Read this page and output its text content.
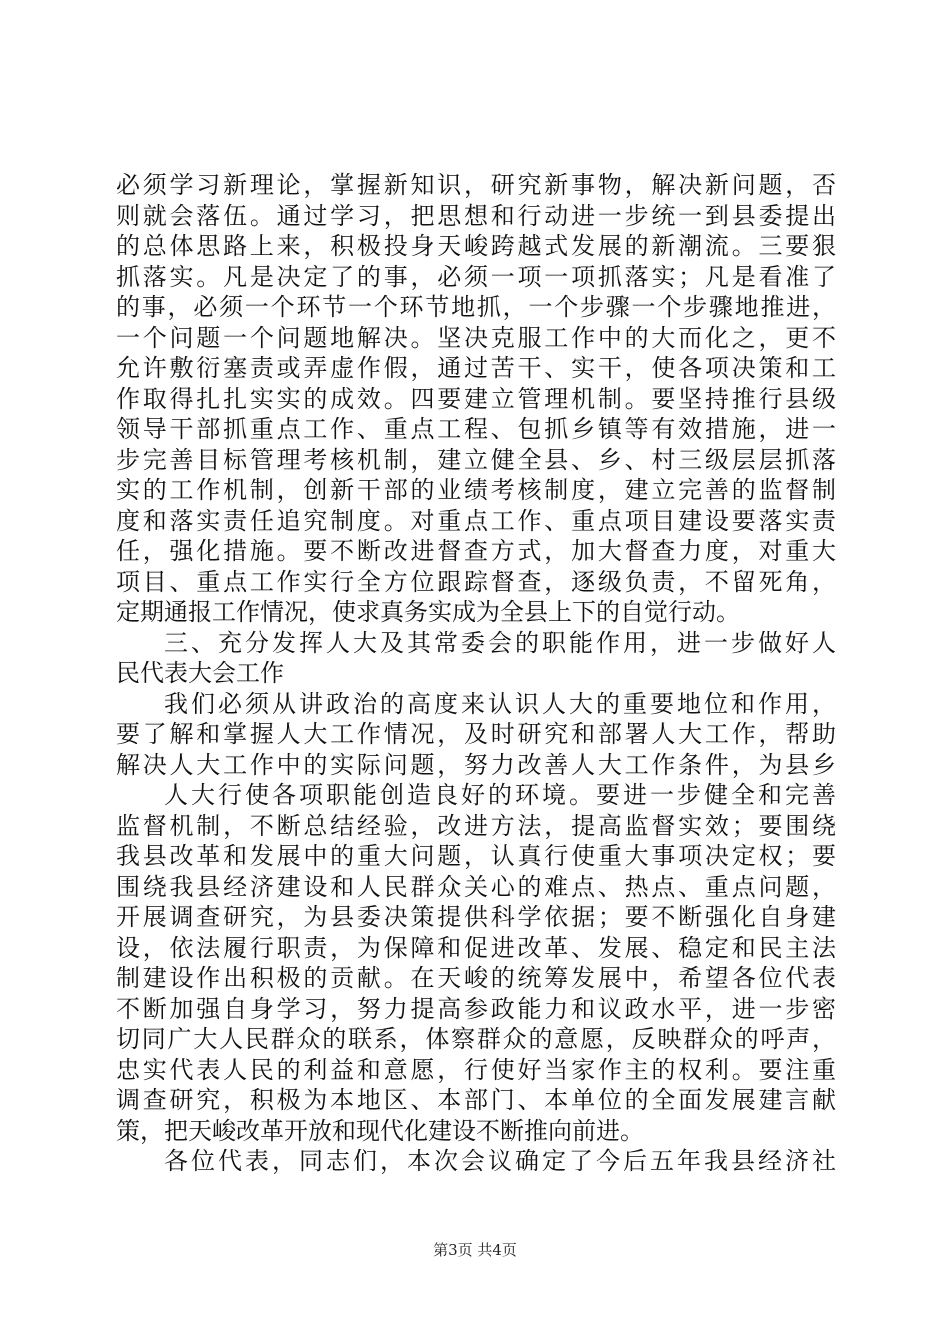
必须学习新理论，掌握新知识，研究新事物，解决新问题，否
则就会落伍。通过学习，把思想和行动进一步统一到县委提出
的总体思路上来，积极投身天峻跨越式发展的新潮流。三要狠
抓落实。凡是决定了的事，必须一项一项抓落实；凡是看准了
的事，必须一个环节一个环节地抓，一个步骤一个步骤地推进，
一个问题一个问题地解决。坚决克服工作中的大而化之，更不
允许敷衍塞责或弄虚作假，通过苦干、实干，使各项决策和工
作取得扎扎实实的成效。四要建立管理机制。要坚持推行县级
领导干部抓重点工作、重点工程、包抓乡镇等有效措施，进一
步完善目标管理考核机制，建立健全县、乡、村三级层层抓落
实的工作机制，创新干部的业绩考核制度，建立完善的监督制
度和落实责任追究制度。对重点工作、重点项目建设要落实责
任，强化措施。要不断改进督查方式，加大督查力度，对重大
项目、重点工作实行全方位跟踪督查，逐级负责，不留死角，
定期通报工作情况，使求真务实成为全县上下的自觉行动。
三、充分发挥人大及其常委会的职能作用，进一步做好人
民代表大会工作
我们必须从讲政治的高度来认识人大的重要地位和作用，
要了解和掌握人大工作情况，及时研究和部署人大工作，帮助
解决人大工作中的实际问题，努力改善人大工作条件，为县乡
人大行使各项职能创造良好的环境。要进一步健全和完善
监督机制，不断总结经验，改进方法，提高监督实效；要围绕
我县改革和发展中的重大问题，认真行使重大事项决定权；要
围绕我县经济建设和人民群众关心的难点、热点、重点问题，
开展调查研究，为县委决策提供科学依据；要不断强化自身建
设，依法履行职责，为保障和促进改革、发展、稳定和民主法
制建设作出积极的贡献。在天峻的统筹发展中，希望各位代表
不断加强自身学习，努力提高参政能力和议政水平，进一步密
切同广大人民群众的联系，体察群众的意愿，反映群众的呼声，
忠实代表人民的利益和意愿，行使好当家作主的权利。要注重
调查研究，积极为本地区、本部门、本单位的全面发展建言献
策，把天峻改革开放和现代化建设不断推向前进。
各位代表，同志们，本次会议确定了今后五年我县经济社
第3页 共4页
